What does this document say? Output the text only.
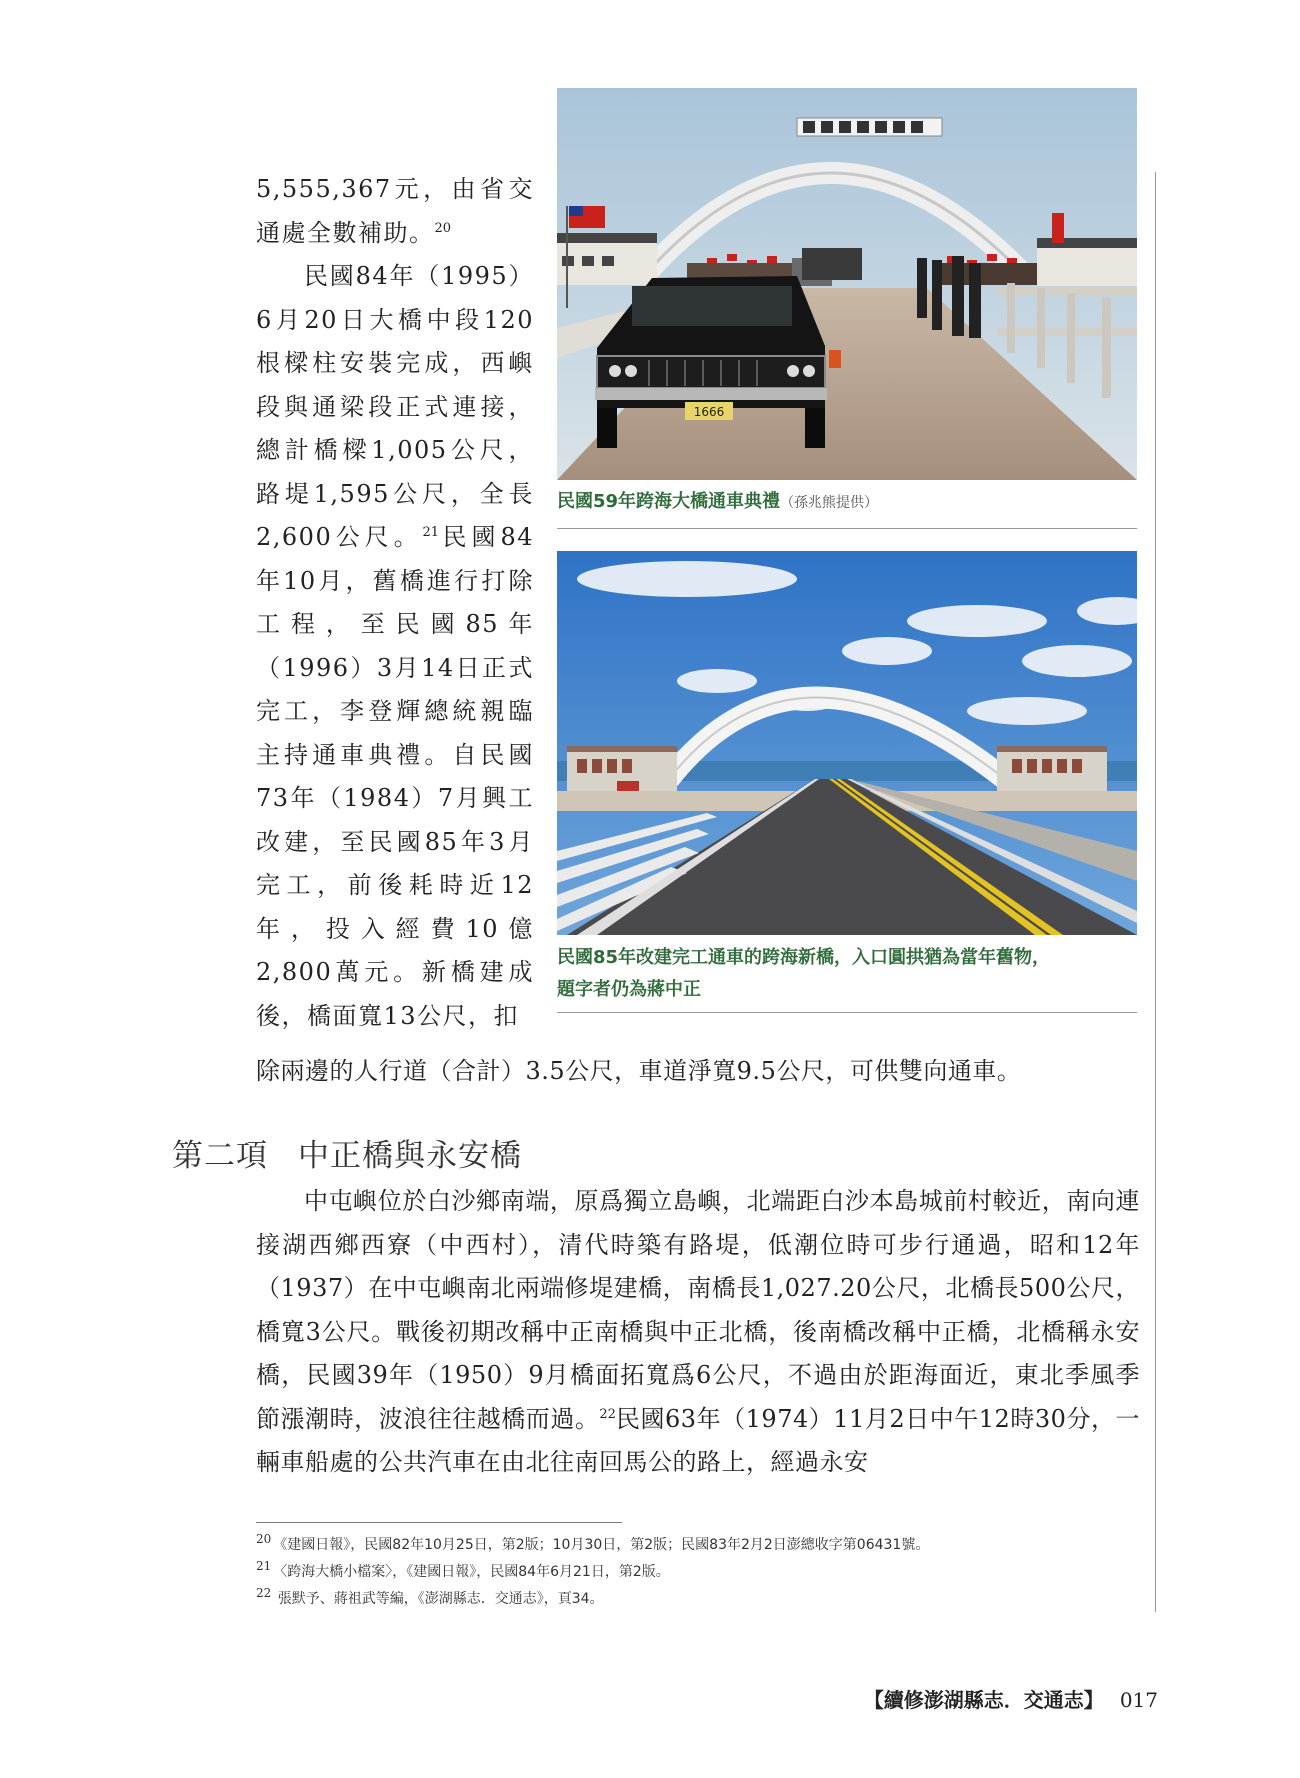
5,555,367元，由省交通處全數補助。$^{20}$

民國84年（1995）6月20日大橋中段120根樑柱安裝完成，西嶼段與通梁段正式連接，總計橋樑1,005公尺，路堤1,595公尺，全長2,600公尺。$^{21}$民國84年10月，舊橋進行打除工程，至民國85年（1996）3月14日正式完工，李登輝總統親臨主持通車典禮。自民國73年（1984）7月興工改建，至民國85年3月完工，前後耗時近12年，投入經費10億2,800萬元。新橋建成後，橋面寬13公尺，扣

除兩邊的人行道（合計）3.5公尺，車道淨寬9.5公尺，可供雙向通車。
1666
民國59年跨海大橋通車典禮（孫兆熊提供）
民國85年改建完工通車的跨海新橋，入口圓拱猶為當年舊物，
題字者仍為蔣中正
第二項 中正橋與永安橋

中屯嶼位於白沙鄉南端，原爲獨立島嶼，北端距白沙本島城前村較近，南向連接湖西鄉西寮（中西村），清代時築有路堤，低潮位時可步行通過，昭和12年（1937）在中屯嶼南北兩端修堤建橋，南橋長1,027.20公尺，北橋長500公尺，橋寬3公尺。戰後初期改稱中正南橋與中正北橋，後南橋改稱中正橋，北橋稱永安橋，民國39年（1950）9月橋面拓寬爲6公尺，不過由於距海面近，東北季風季節漲潮時，波浪往往越橋而過。$^{22}$民國63年（1974）11月2日中午12時30分，一輛車船處的公共汽車在由北往南回馬公的路上，經過永安

$^{20}$ 《建國日報》，民國82年10月25日，第2版；10月30日，第2版；民國83年2月2日澎總收字第06431號。
$^{21}$ 〈跨海大橋小檔案〉，《建國日報》，民國84年6月21日，第2版。
$^{22}$ 張默予、蔣祖武等編，《澎湖縣志．交通志》，頁34。
【續修澎湖縣志．交通志】 017
